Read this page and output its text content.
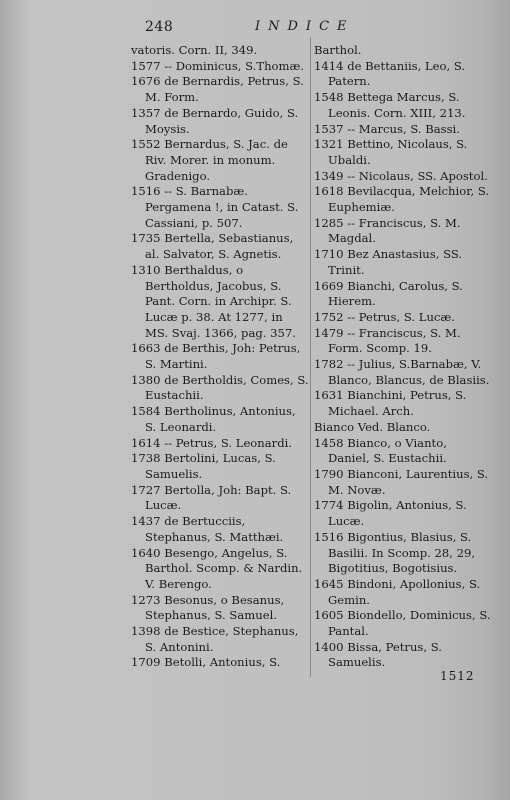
248	INDICE

vatoris. Corn. II, 349.

1577 -- Dominicus, S.Thomæ.

1676 de Bernardis, Petrus, S. M. Form.

1357 de Bernardo, Guido, S. Moysis.

1552 Bernardus, S. Jac. de Riv. Morer. in monum. Gradenigo.

1516 -- S. Barnabæ. Pergamena !, in Catast. S. Cassiani, p. 507.

1735 Bertella, Sebastianus, al. Salvator, S. Agnetis.

1310 Berthaldus, o Bertholdus, Jacobus, S. Pant. Corn. in Archipr. S. Lucæ p. 38. At 1277, in MS. Svaj. 1366, pag. 357.

1663 de Berthis, Joh: Petrus, S. Martini.

1380 de Bertholdis, Comes, S. Eustachii.

1584 Bertholinus, Antonius, S. Leonardi.

1614 -- Petrus, S. Leonardi.

1738 Bertolini, Lucas, S. Samuelis.

1727 Bertolla, Joh: Bapt. S. Lucæ.

1437 de Bertucciis, Stephanus, S. Matthæi.

1640 Besengo, Angelus, S. Barthol. Scomp. & Nardin. V. Berengo.

1273 Besonus, o Besanus, Stephanus, S. Samuel.

1398 de Bestice, Stephanus, S. Antonini.

1709 Betolli, Antonius, S.

Barthol.

1414 de Bettaniis, Leo, S. Patern.

1548 Bettega Marcus, S. Leonis. Corn. XIII, 213.

1537 -- Marcus, S. Bassi.

1321 Bettino, Nicolaus, S. Ubaldi.

1349 -- Nicolaus, SS. Apostol.

1618 Bevilacqua, Melchior, S. Euphemiæ.

1285 -- Franciscus, S. M. Magdal.

1710 Bez Anastasius, SS. Trinit.

1669 Bianchi, Carolus, S. Hierem.

1752 -- Petrus, S. Lucæ.

1479 -- Franciscus, S. M. Form. Scomp. 19.

1782 -- Julius, S.Barnabæ, V. Blanco, Blancus, de Blasiis.

1631 Bianchini, Petrus, S. Michael. Arch.

Bianco Ved. Blanco.

1458 Bianco, o Vianto, Daniel, S. Eustachii.

1790 Bianconi, Laurentius, S. M. Novæ.

1774 Bigolin, Antonius, S. Lucæ.

1516 Bigontius, Blasius, S. Basilii. In Scomp. 28, 29, Bigotitius, Bogotisius.

1645 Bindoni, Apollonius, S. Gemin.

1605 Biondello, Dominicus, S. Pantal.

1400 Bissa, Petrus, S. Samuelis.

1512
